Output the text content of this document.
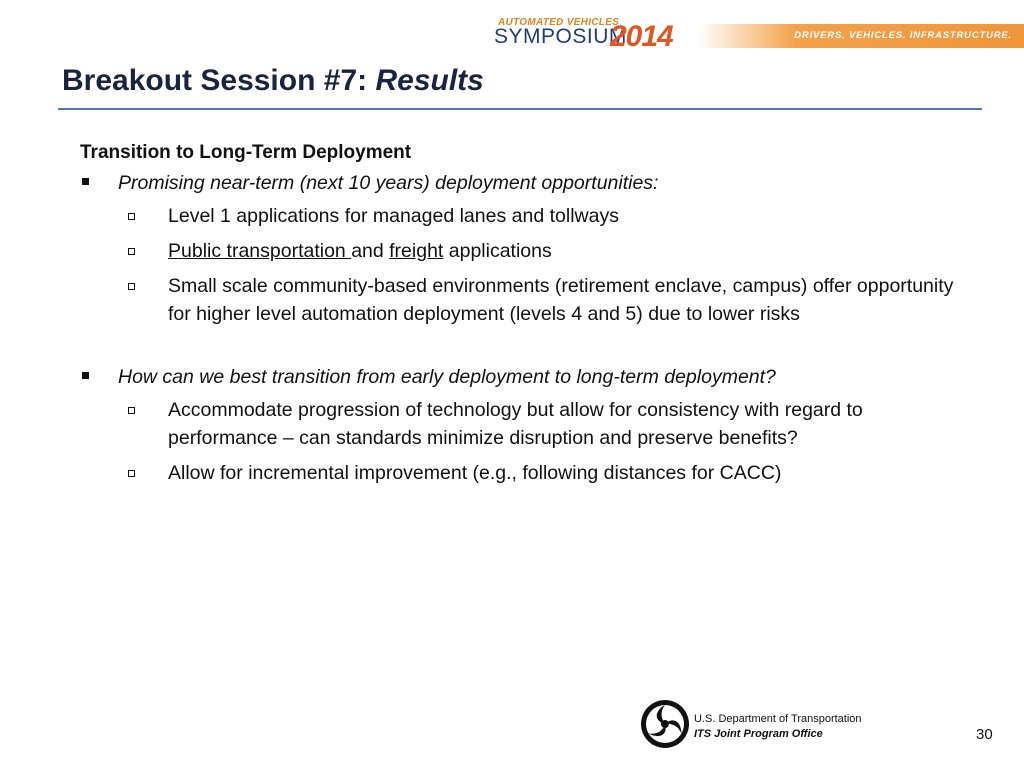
AUTOMATED VEHICLES
SYMPOSIUM
2014	DRIVERS. VEHICLES. INFRASTRUCTURE.
Breakout Session #7: Results
Transition to Long-Term Deployment
Promising near-term (next 10 years) deployment opportunities:
Level 1 applications for managed lanes and tollways
Public transportation and freight applications
Small scale community-based environments (retirement enclave, campus) offer opportunity for higher level automation deployment (levels 4 and 5) due to lower risks
How can we best transition from early deployment to long-term deployment?
Accommodate progression of technology but allow for consistency with regard to performance – can standards minimize disruption and preserve benefits?
Allow for incremental improvement (e.g., following distances for CACC)
U.S. Department of Transportation
ITS Joint Program Office	30
